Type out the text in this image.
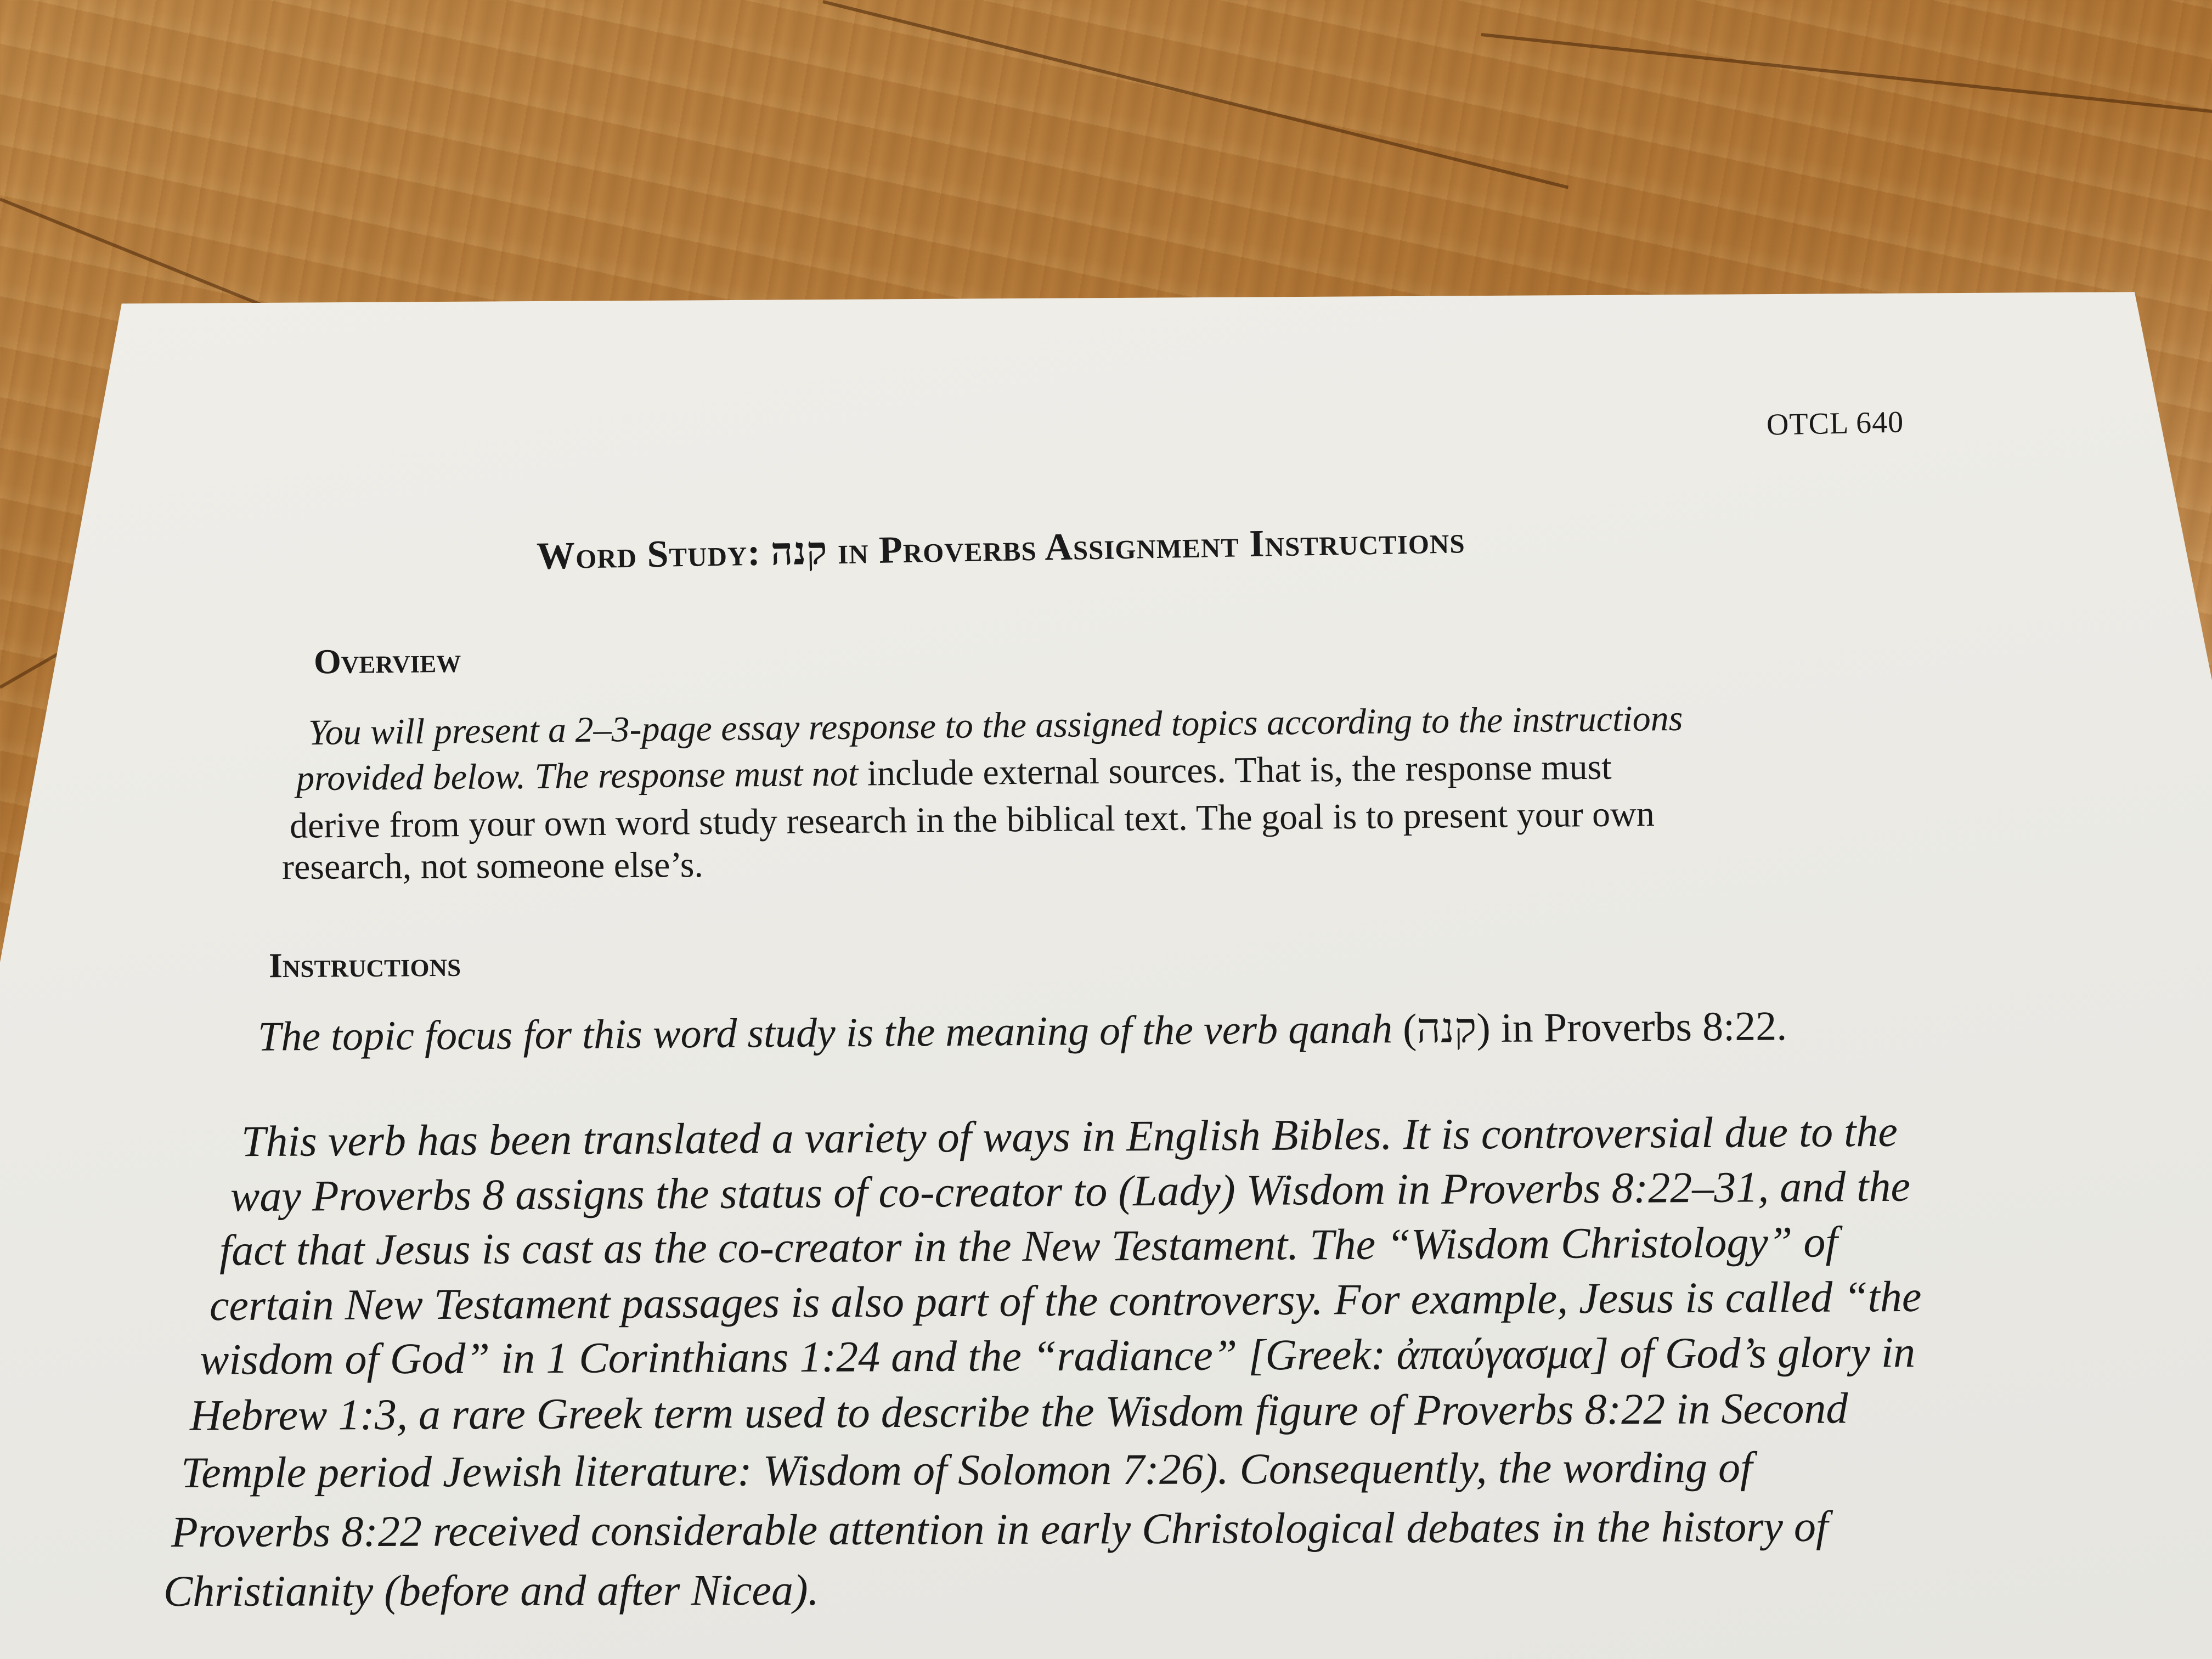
OTCL 640
Word Study: קנה in Proverbs Assignment Instructions
Overview
You will present a 2–3-page essay response to the assigned topics according to the instructions
provided below. The response must not include external sources. That is, the response must
derive from your own word study research in the biblical text. The goal is to present your own
research, not someone else’s.
Instructions
The topic focus for this word study is the meaning of the verb qanah (קנה) in Proverbs 8:22.
This verb has been translated a variety of ways in English Bibles. It is controversial due to the
way Proverbs 8 assigns the status of co-creator to (Lady) Wisdom in Proverbs 8:22–31, and the
fact that Jesus is cast as the co-creator in the New Testament. The “Wisdom Christology” of
certain New Testament passages is also part of the controversy. For example, Jesus is called “the
wisdom of God” in 1 Corinthians 1:24 and the “radiance” [Greek: ἀπαύγασμα] of God’s glory in
Hebrew 1:3, a rare Greek term used to describe the Wisdom figure of Proverbs 8:22 in Second
Temple period Jewish literature: Wisdom of Solomon 7:26). Consequently, the wording of
Proverbs 8:22 received considerable attention in early Christological debates in the history of
Christianity (before and after Nicea).
